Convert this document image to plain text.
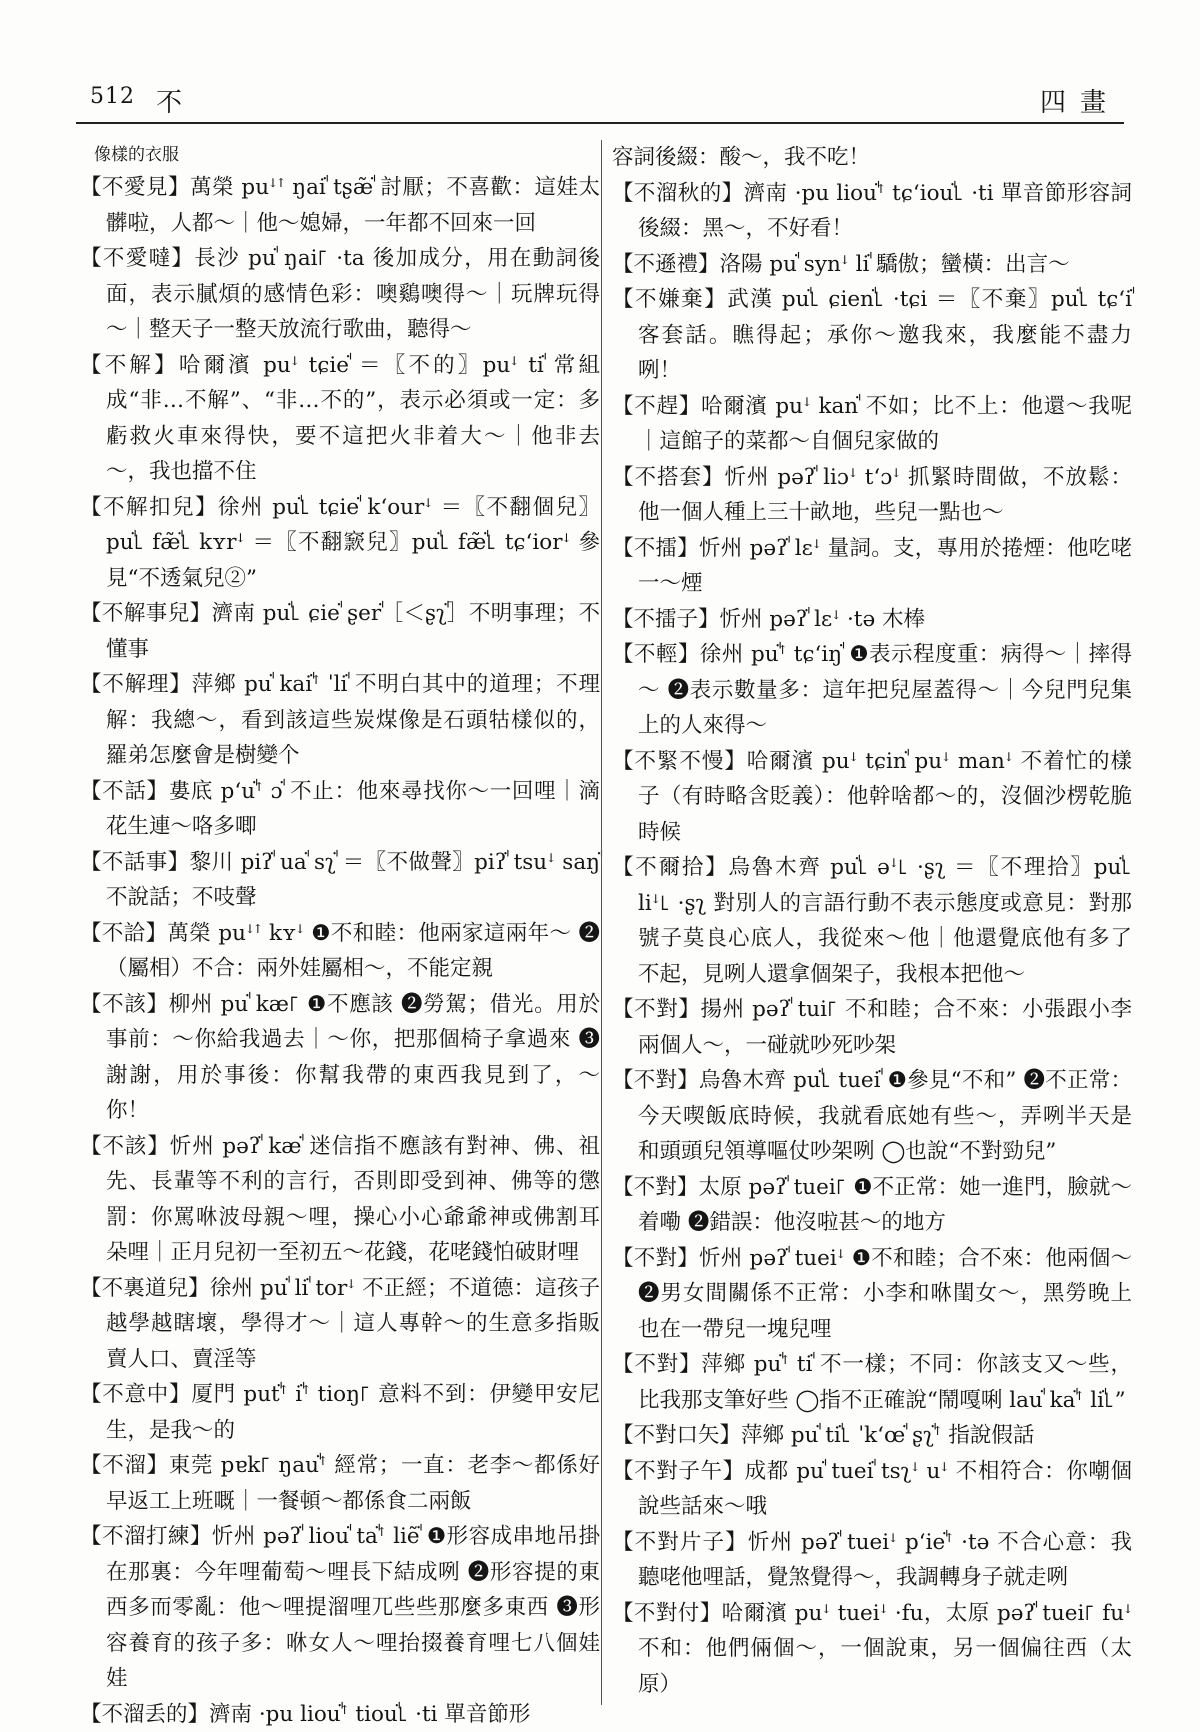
512 不	四畫
像樣的衣服

【不愛見】萬榮 puꜜꜛ ŋaiꜗ tʂæ̃ꜗ 討厭；不喜歡：這娃太髒啦，人都～｜他～媳婦，一年都不回來一回

【不愛噠】長沙 puꜗ ŋai꜒ ·ta 後加成分，用在動詞後面，表示膩煩的感情色彩：噢鷄噢得～｜玩牌玩得～｜整天子一整天放流行歌曲，聽得～

【不解】哈爾濱 puꜜ tɕieꜗ ＝〖不的〗puꜜ tiꜗ 常組成“非…不解”、“非…不的”，表示必須或一定：多虧救火車來得快，要不這把火非着大～｜他非去～，我也擋不住

【不解扣兒】徐州 puꜗ꜖ tɕieꜗ kʻourꜜ ＝〖不翻個兒〗puꜗ꜖ fæ̃ꜗ꜖ kʏrꜜ ＝〖不翻窾兒〗puꜗ꜖ fæ̃ꜗ꜖ tɕʻiorꜜ 參見“不透氣兒②”

【不解事兒】濟南 puꜗ꜖ ɕieꜗ ʂerꜗ［＜ʂʅꜗ］不明事理；不懂事

【不解理】萍鄉 puꜗ kaiꜗꜛ ˈliꜗ 不明白其中的道理；不理解：我總～，看到該這些炭煤像是石頭牯樣似的，羅弟怎麼會是樹變个

【不話】婁底 pʻuꜗꜛ ɔꜗ 不止：他來尋找你～一回哩｜滴花生連～咯多唧

【不話事】黎川 piʔꜗ uaꜗ sʅꜗ ＝〖不做聲〗piʔꜗ tsuꜜ saŋꜗ 不說話；不吱聲

【不詥】萬榮 puꜜꜛ kʏꜜ ❶不和睦：他兩家這兩年～ ❷（屬相）不合：兩外娃屬相～，不能定親

【不該】柳州 puꜗ kæ꜒ ❶不應該 ❷勞駕；借光。用於事前：～你給我過去｜～你，把那個椅子拿過來 ❸謝謝，用於事後：你幫我帶的東西我見到了，～你！

【不該】忻州 pəʔꜗ kæꜗ 迷信指不應該有對神、佛、祖先、長輩等不利的言行，否則即受到神、佛等的懲罰：你罵咻波母親～哩，操心小心爺爺神或佛割耳朵哩｜正月兒初一至初五～花錢，花咾錢怕破財哩

【不裏道兒】徐州 puꜗ liꜗ torꜜ 不正經；不道德：這孩子越學越瞎壞，學得才～｜這人專幹～的生意多指販賣人口、賣淫等

【不意中】厦門 putꜗꜛ iꜗꜛ tioŋ꜒ 意料不到：伊變甲安尼生，是我～的

【不溜】東莞 pɐk꜒ ŋauꜗꜛ 經常；一直：老李～都係好早返工上班嘅｜一餐頓～都係食二兩飯

【不溜打練】忻州 pəʔꜗ liouꜗ taꜗꜛ liẽꜗ ❶形容成串地吊掛在那裏：今年哩葡萄～哩長下結成咧 ❷形容提的東西多而零亂：他～哩提溜哩兀些些那麼多東西 ❸形容養育的孩子多：咻女人～哩抬掇養育哩七八個娃娃

【不溜丢的】濟南 ·pu liouꜗꜛ tiouꜗ꜖ ·ti 單音節形

容詞後綴：酸～，我不吃！

【不溜秋的】濟南 ·pu liouꜗꜛ tɕʻiouꜗ꜖ ·ti 單音節形容詞後綴：黑～，不好看！

【不遜禮】洛陽 puꜗ synꜜ liꜗ 驕傲；蠻橫：出言～

【不嫌棄】武漢 puꜗ꜖ ɕienꜗ꜖ ·tɕi ＝〖不棄〗puꜗ꜖ tɕʻiꜗ 客套話。瞧得起；承你～邀我來，我麼能不盡力咧！

【不趕】哈爾濱 puꜜ kanꜗ 不如；比不上：他還～我呢｜這館子的菜都～自個兒家做的

【不搭套】忻州 pəʔꜗ liɔꜜ tʻɔꜜ 抓緊時間做，不放鬆：他一個人種上三十畝地，些兒一點也～

【不擂】忻州 pəʔꜗ lɛꜜ 量詞。支，專用於捲煙：他吃咾一～煙

【不擂子】忻州 pəʔꜗ lɛꜜ ·tə 木棒

【不輕】徐州 puꜗꜛ tɕʻiŋꜗ ❶表示程度重：病得～｜摔得～ ❷表示數量多：這年把兒屋蓋得～｜今兒門兒集上的人來得～

【不緊不慢】哈爾濱 puꜜ tɕinꜗ puꜜ manꜜ 不着忙的樣子（有時略含貶義）：他幹啥都～的，沒個沙楞乾脆時候

【不爾拾】烏魯木齊 puꜗ꜖ əꜜ꜖ ·ʂʅ ＝〖不理拾〗puꜗ꜖ liꜜ꜖ ·ʂʅ 對別人的言語行動不表示態度或意見：對那號子莫良心底人，我從來～他｜他還覺底他有多了不起，見咧人還拿個架子，我根本把他～

【不對】揚州 pəʔꜗ tui꜒ 不和睦；合不來：小張跟小李兩個人～，一碰就吵死吵架

【不對】烏魯木齊 puꜗ꜖ tueiꜗ ❶參見“不和” ❷不正常：今天喫飯底時候，我就看底她有些～，弄咧半天是和頭頭兒領導嘔仗吵架咧 ◯也說“不對勁兒”

【不對】太原 pəʔꜗ tuei꜒ ❶不正常：她一進門，臉就～着嘞 ❷錯誤：他沒啦甚～的地方

【不對】忻州 pəʔꜗ tueiꜜ ❶不和睦；合不來：他兩個～ ❷男女間關係不正常：小李和咻閨女～，黑勞晚上也在一帶兒一塊兒哩

【不對】萍鄉 puꜗꜛ tiꜗ 不一樣；不同：你該支又～些，比我那支筆好些 ◯指不正確說“鬧嘎唎 lauꜗ kaꜗꜛ liꜗ꜖”

【不對口矢】萍鄉 puꜗ tiꜗ꜖ ˈkʻœꜗ ʂʅꜗꜛ 指說假話

【不對子午】成都 puꜗ tueiꜗ tsʅꜜ uꜜ 不相符合：你嘲個說些話來～哦

【不對片子】忻州 pəʔꜗ tueiꜜ pʻieꜗꜛ ·tə 不合心意：我聽咾他哩話，覺煞覺得～，我調轉身子就走咧

【不對付】哈爾濱 puꜜ tueiꜜ ·fu，太原 pəʔꜗ tuei꜒ fuꜜ 不和：他們倆個～，一個說東，另一個偏往西（太原）
